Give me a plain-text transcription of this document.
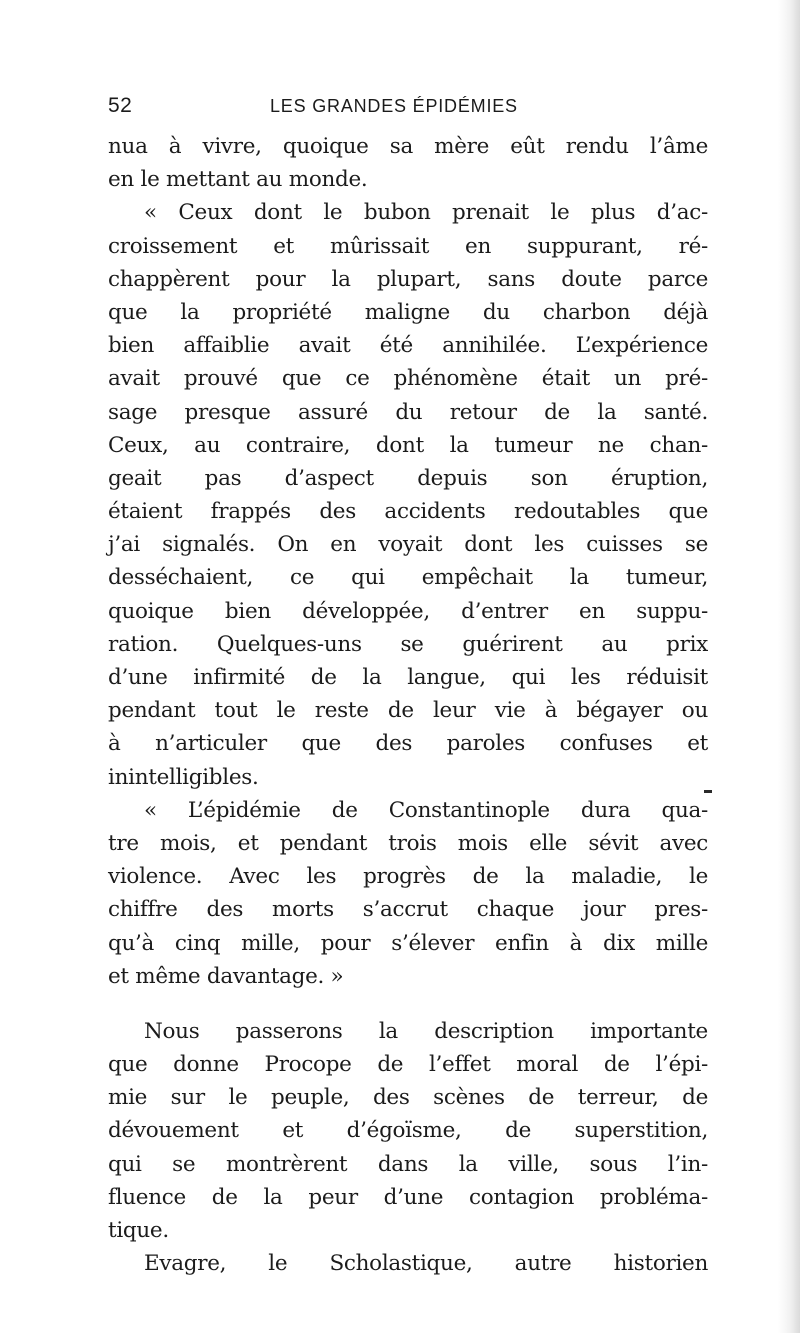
52	LES GRANDES ÉPIDÉMIES
nua à vivre, quoique sa mère eût rendu l’âme
en le mettant au monde.
« Ceux dont le bubon prenait le plus d’ac-
croissement et mûrissait en suppurant, ré-
chappèrent pour la plupart, sans doute parce
que la propriété maligne du charbon déjà
bien affaiblie avait été annihilée. L’expérience
avait prouvé que ce phénomène était un pré-
sage presque assuré du retour de la santé.
Ceux, au contraire, dont la tumeur ne chan-
geait pas d’aspect depuis son éruption,
étaient frappés des accidents redoutables que
j’ai signalés. On en voyait dont les cuisses se
desséchaient, ce qui empêchait la tumeur,
quoique bien développée, d’entrer en suppu-
ration. Quelques-uns se guérirent au prix
d’une infirmité de la langue, qui les réduisit
pendant tout le reste de leur vie à bégayer ou
à n’articuler que des paroles confuses et
inintelligibles.
« L’épidémie de Constantinople dura qua-
tre mois, et pendant trois mois elle sévit avec
violence. Avec les progrès de la maladie, le
chiffre des morts s’accrut chaque jour pres-
qu’à cinq mille, pour s’élever enfin à dix mille
et même davantage. »
Nous passerons la description importante
que donne Procope de l’effet moral de l’épi-
mie sur le peuple, des scènes de terreur, de
dévouement et d’égoïsme, de superstition,
qui se montrèrent dans la ville, sous l’in-
fluence de la peur d’une contagion probléma-
tique.
Evagre, le Scholastique, autre historien
